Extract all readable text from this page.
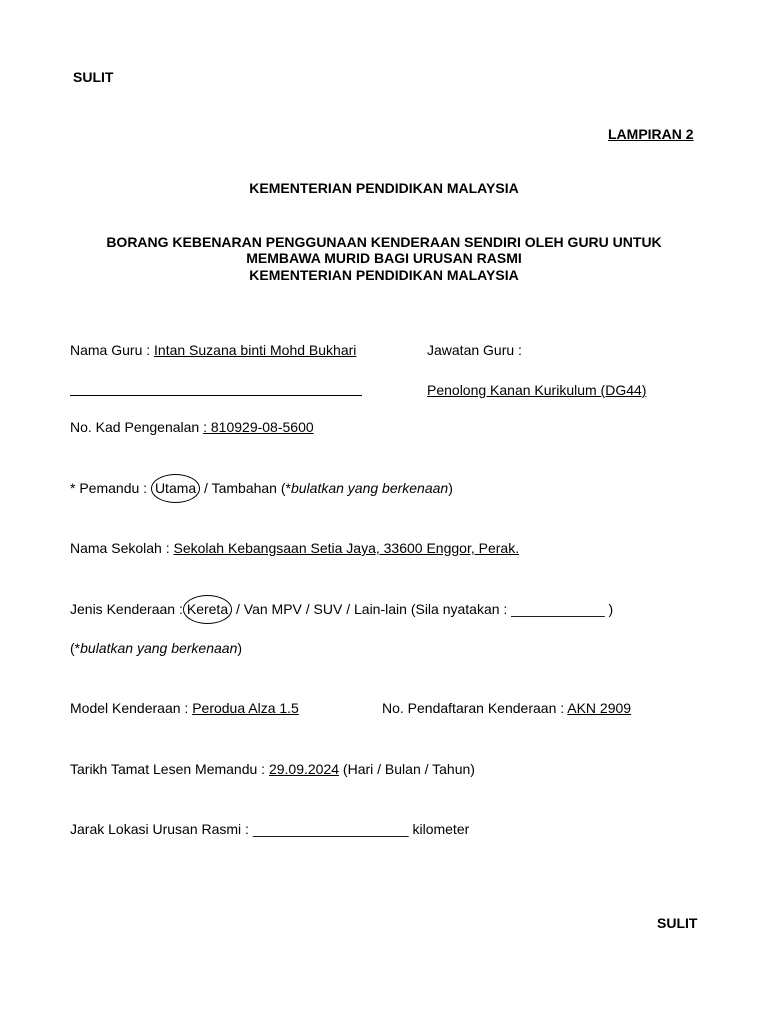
SULIT
LAMPIRAN 2
KEMENTERIAN PENDIDIKAN MALAYSIA
BORANG KEBENARAN PENGGUNAAN KENDERAAN SENDIRI OLEH GURU UNTUK
MEMBAWA MURID BAGI URUSAN RASMI
KEMENTERIAN PENDIDIKAN MALAYSIA
Nama Guru : Intan Suzana binti Mohd Bukhari	Jawatan Guru :
Penolong Kanan Kurikulum (DG44)
No. Kad Pengenalan : 810929-08-5600
* Pemandu : Utama / Tambahan (*bulatkan yang berkenaan)
Nama Sekolah : Sekolah Kebangsaan Setia Jaya, 33600 Enggor, Perak.
Jenis Kenderaan : Kereta / Van MPV / SUV / Lain-lain (Sila nyatakan : ____________ )
(*bulatkan yang berkenaan)
Model Kenderaan : Perodua Alza 1.5	No. Pendaftaran Kenderaan : AKN 2909
Tarikh Tamat Lesen Memandu : 29.09.2024 (Hari / Bulan / Tahun)
Jarak Lokasi Urusan Rasmi : ____________________ kilometer
SULIT
